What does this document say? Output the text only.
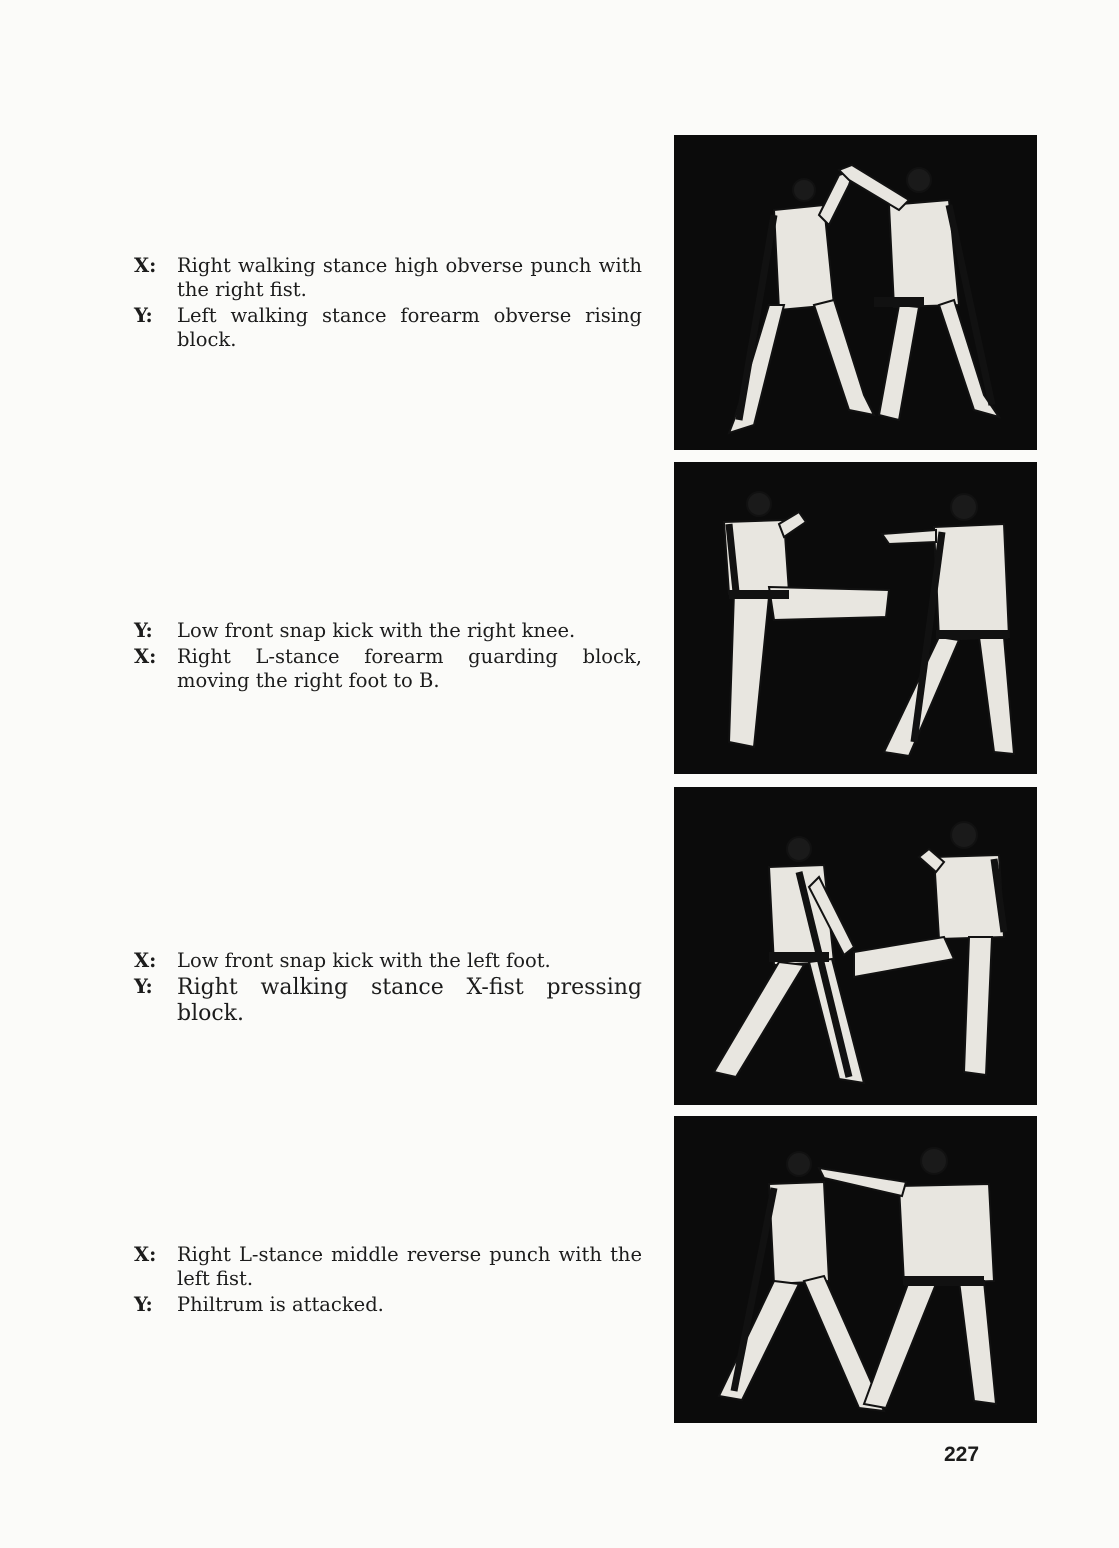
X:	Right walking stance high obverse punch with the right fist.
Y:	Left walking stance forearm obverse rising block.
Y:	Low front snap kick with the right knee.
X:	Right L-stance forearm guarding block, moving the right foot to B.
X:	Low front snap kick with the left foot.
Y:	Right walking stance X-fist pressing block.
X:	Right L-stance middle reverse punch with the left fist.
Y:	Philtrum is attacked.
227
